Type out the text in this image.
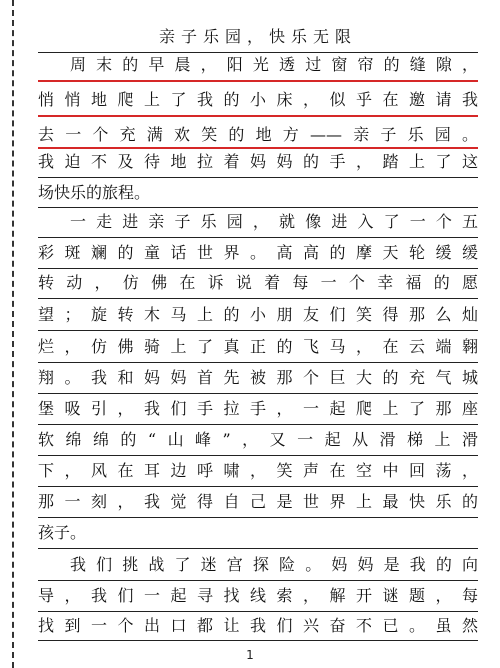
亲子乐园，快乐无限
周末的早晨，阳光透过窗帘的缝隙，
悄悄地爬上了我的小床，似乎在邀请我
去一个充满欢笑的地方——亲子乐园。
我迫不及待地拉着妈妈的手，踏上了这
场快乐的旅程。
一走进亲子乐园，就像进入了一个五
彩斑斓的童话世界。高高的摩天轮缓缓
转动，仿佛在诉说着每一个幸福的愿
望；旋转木马上的小朋友们笑得那么灿
烂，仿佛骑上了真正的飞马，在云端翱
翔。我和妈妈首先被那个巨大的充气城
堡吸引，我们手拉手，一起爬上了那座
软绵绵的“山峰”，又一起从滑梯上滑
下，风在耳边呼啸，笑声在空中回荡，
那一刻，我觉得自己是世界上最快乐的
孩子。
我们挑战了迷宫探险。妈妈是我的向
导，我们一起寻找线索，解开谜题，每
找到一个出口都让我们兴奋不已。虽然
1
